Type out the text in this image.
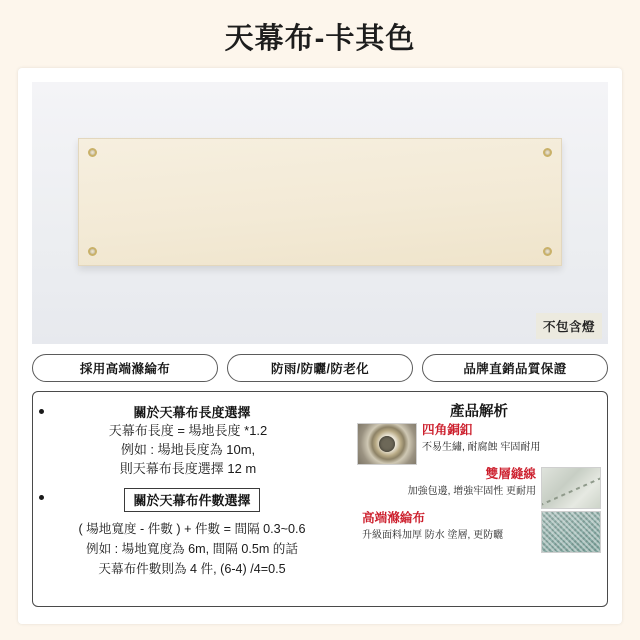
天幕布-卡其色
不包含燈
採用高端滌綸布	防雨/防曬/防老化	品牌直銷品質保證
關於天幕布長度選擇
天幕布長度 = 場地長度 *1.2
例如 : 場地長度為 10m,
則天幕布長度選擇 12 m
關於天幕布件數選擇
( 場地寬度 - 件數 ) + 件數 = 間隔 0.3~0.6
例如 : 場地寬度為 6m, 間隔 0.5m 的話
天幕布件數則為 4 件, (6-4) /4=0.5
產品解析
四角銅釦
不易生繡, 耐腐蝕 牢固耐用
雙層縫線
加強包邊, 增強牢固性 更耐用
高端滌綸布
升級面料加厚 防水 塗層, 更防曬
